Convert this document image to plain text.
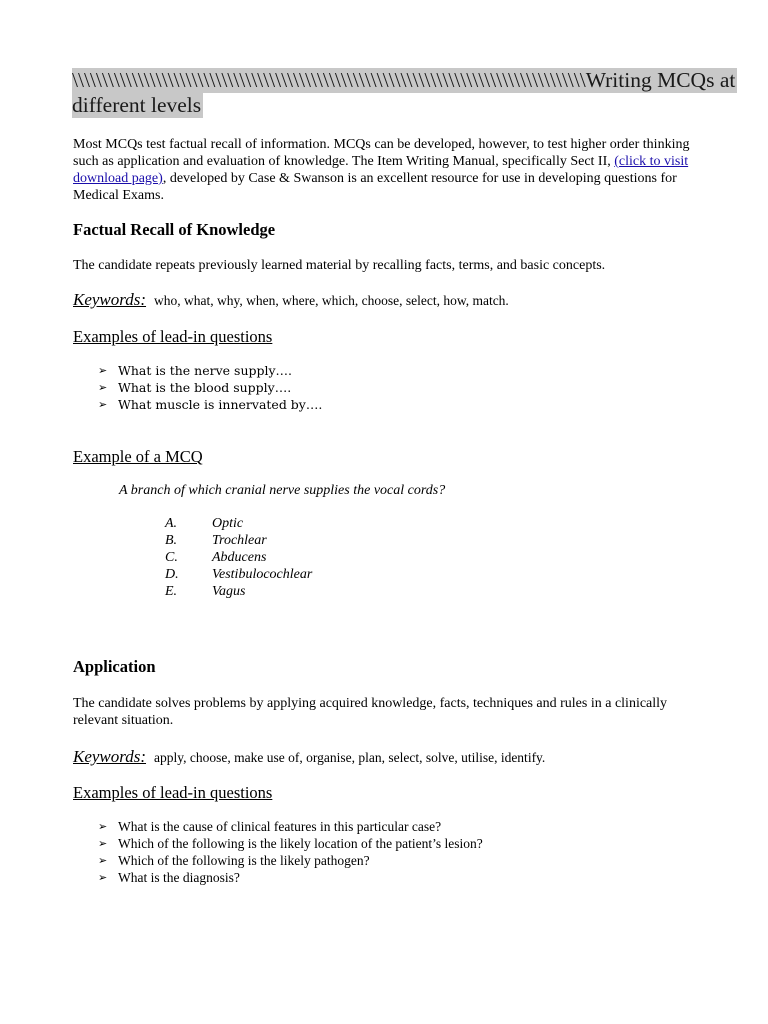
\\\\\\\\\\\\\\\\\\\\\\\\\\\\\\\\\\\\\\\\\\\\\\\\\\\\\\\\\\\\\\\\\\\\\\\\\\\\\\\\\\\\\\Writing MCQs at
different levels

Most MCQs test factual recall of information. MCQs can be developed, however, to test higher order thinking such as application and evaluation of knowledge. The Item Writing Manual, specifically Sect II, (click to visit download page), developed by Case & Swanson is an excellent resource for use in developing questions for Medical Exams.

Factual Recall of Knowledge
The candidate repeats previously learned material by recalling facts, terms, and basic concepts.
Keywords: who, what, why, when, where, which, choose, select, how, match.
Examples of lead-in questions
➢ What is the nerve supply….
➢ What is the blood supply….
➢ What muscle is innervated by….
Example of a MCQ
A branch of which cranial nerve supplies the vocal cords?
A.	Optic
B.	Trochlear
C.	Abducens
D.	Vestibulocochlear
E.	Vagus
Application
The candidate solves problems by applying acquired knowledge, facts, techniques and rules in a clinically relevant situation.
Keywords: apply, choose, make use of, organise, plan, select, solve, utilise, identify.
Examples of lead-in questions
➢ What is the cause of clinical features in this particular case?
➢ Which of the following is the likely location of the patient’s lesion?
➢ Which of the following is the likely pathogen?
➢ What is the diagnosis?
